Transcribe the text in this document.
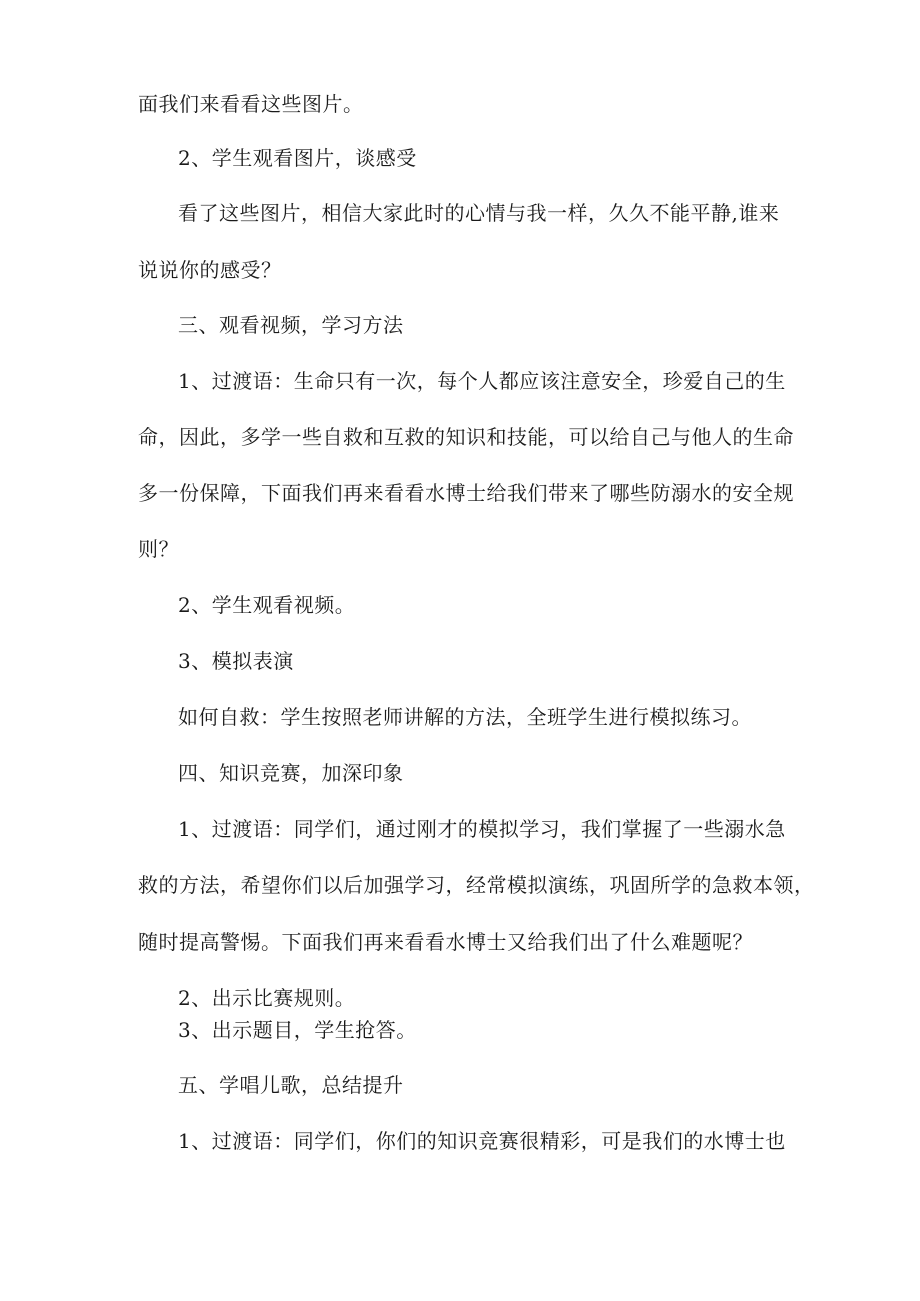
面我们来看看这些图片。

2、学生观看图片，谈感受

看了这些图片，相信大家此时的心情与我一样，久久不能平静,谁来

说说你的感受？

三、观看视频，学习方法

1、过渡语：生命只有一次，每个人都应该注意安全，珍爱自己的生

命，因此，多学一些自救和互救的知识和技能，可以给自己与他人的生命

多一份保障，下面我们再来看看水博士给我们带来了哪些防溺水的安全规

则？

2、学生观看视频。

3、模拟表演

如何自救：学生按照老师讲解的方法，全班学生进行模拟练习。

四、知识竞赛，加深印象

1、过渡语：同学们，通过刚才的模拟学习，我们掌握了一些溺水急

救的方法，希望你们以后加强学习，经常模拟演练，巩固所学的急救本领，

随时提高警惕。下面我们再来看看水博士又给我们出了什么难题呢？

2、出示比赛规则。

3、出示题目，学生抢答。

五、学唱儿歌，总结提升

1、过渡语：同学们，你们的知识竞赛很精彩，可是我们的水博士也
